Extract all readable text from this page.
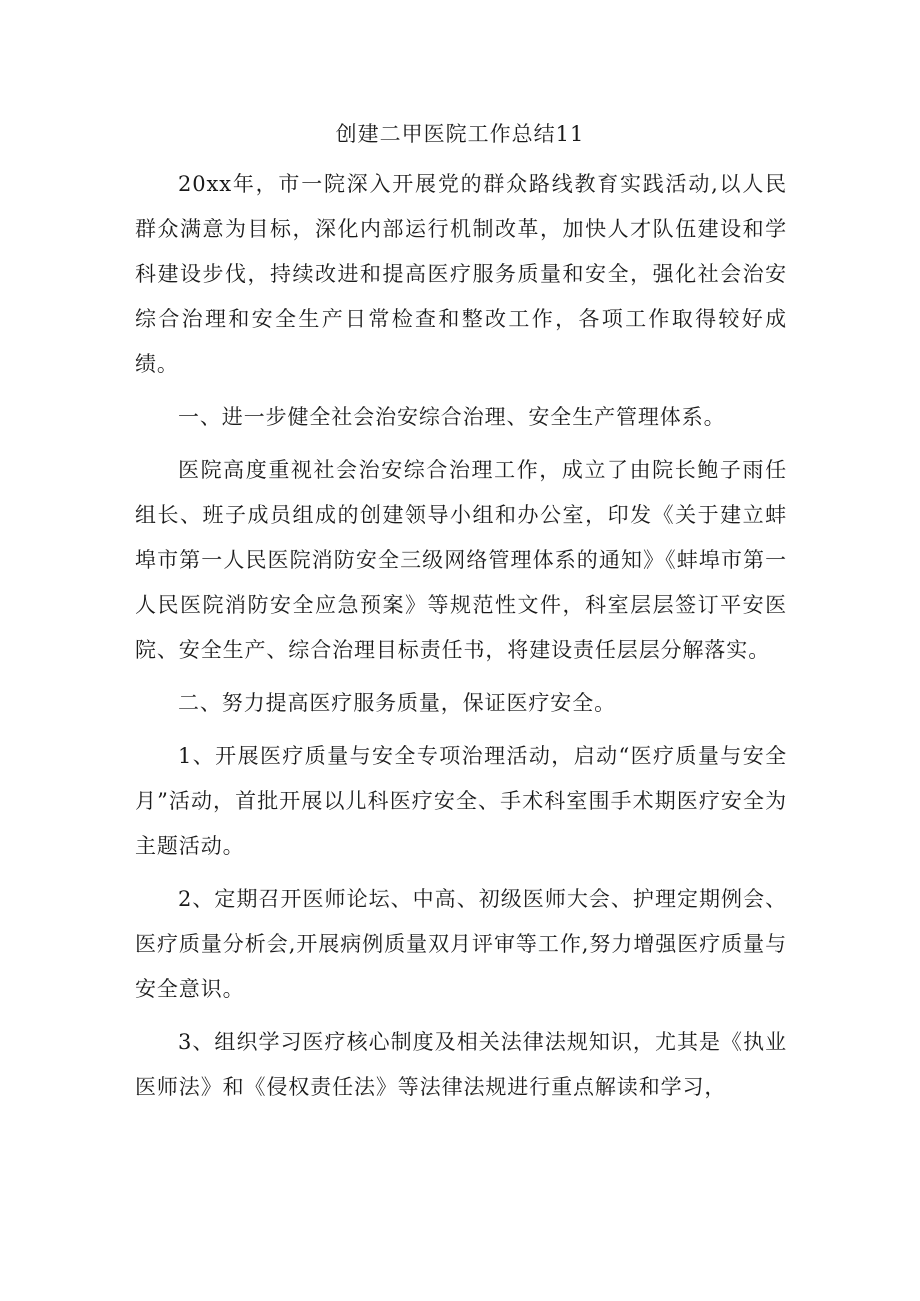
创建二甲医院工作总结11

20xx年，市一院深入开展党的群众路线教育实践活动,以人民群众满意为目标，深化内部运行机制改革，加快人才队伍建设和学科建设步伐，持续改进和提高医疗服务质量和安全，强化社会治安综合治理和安全生产日常检查和整改工作，各项工作取得较好成绩。

一、进一步健全社会治安综合治理、安全生产管理体系。

医院高度重视社会治安综合治理工作，成立了由院长鲍子雨任组长、班子成员组成的创建领导小组和办公室，印发《关于建立蚌埠市第一人民医院消防安全三级网络管理体系的通知》《蚌埠市第一人民医院消防安全应急预案》等规范性文件，科室层层签订平安医院、安全生产、综合治理目标责任书，将建设责任层层分解落实。

二、努力提高医疗服务质量，保证医疗安全。

1、开展医疗质量与安全专项治理活动，启动“医疗质量与安全月”活动，首批开展以儿科医疗安全、手术科室围手术期医疗安全为主题活动。

2、定期召开医师论坛、中高、初级医师大会、护理定期例会、医疗质量分析会,开展病例质量双月评审等工作,努力增强医疗质量与安全意识。

3、组织学习医疗核心制度及相关法律法规知识，尤其是《执业医师法》和《侵权责任法》等法律法规进行重点解读和学习，
